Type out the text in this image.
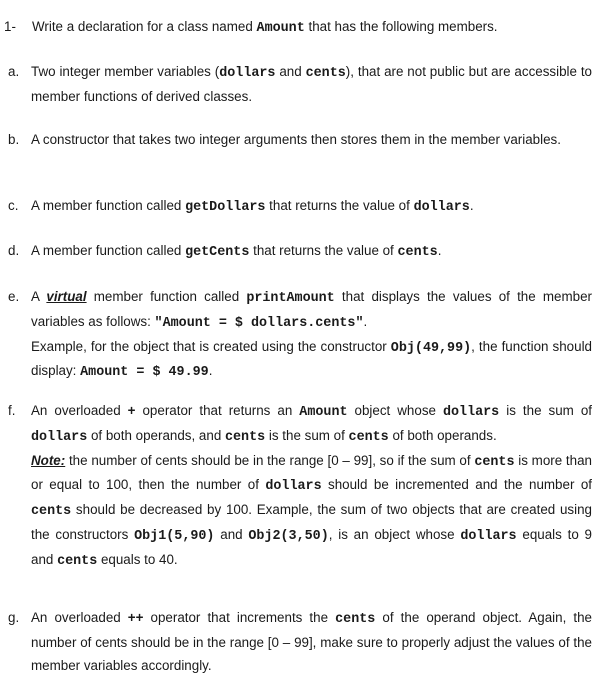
1- Write a declaration for a class named Amount that has the following members.
a. Two integer member variables (dollars and cents), that are not public but are accessible to member functions of derived classes.
b. A constructor that takes two integer arguments then stores them in the member variables.
c. A member function called getDollars that returns the value of dollars.
d. A member function called getCents that returns the value of cents.
e. A virtual member function called printAmount that displays the values of the member variables as follows: "Amount = $ dollars.cents".
Example, for the object that is created using the constructor Obj(49,99), the function should display: Amount = $ 49.99.
f.	An overloaded + operator that returns an Amount object whose dollars is the sum of dollars of both operands, and cents is the sum of cents of both operands.
Note: the number of cents should be in the range [0 – 99], so if the sum of cents is more than or equal to 100, then the number of dollars should be incremented and the number of cents should be decreased by 100. Example, the sum of two objects that are created using the constructors Obj1(5,90) and Obj2(3,50), is an object whose dollars equals to 9 and cents equals to 40.
g. An overloaded ++ operator that increments the cents of the operand object. Again, the number of cents should be in the range [0 – 99], make sure to properly adjust the values of the member variables accordingly.
